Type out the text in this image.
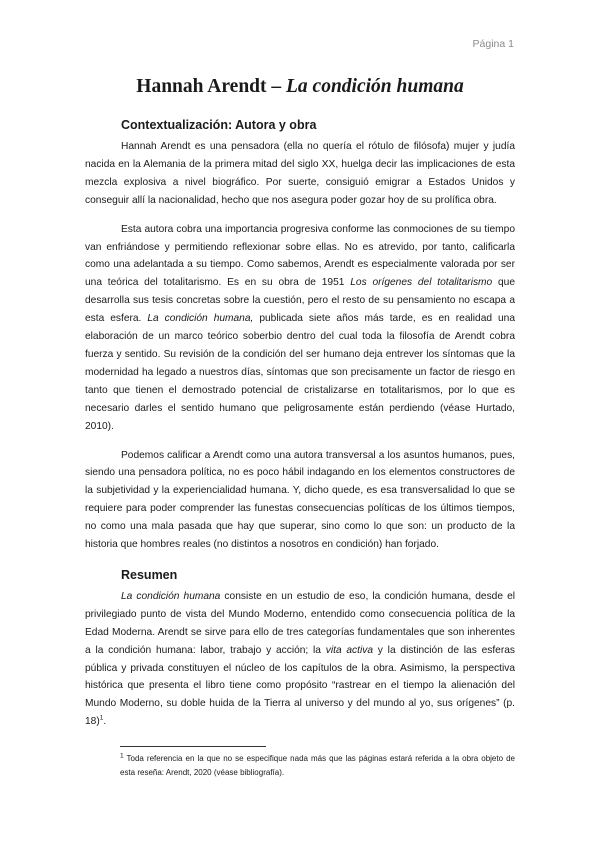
Página 1
Hannah Arendt – La condición humana
Contextualización: Autora y obra

Hannah Arendt es una pensadora (ella no quería el rótulo de filósofa) mujer y judía nacida en la Alemania de la primera mitad del siglo XX, huelga decir las implicaciones de esta mezcla explosiva a nivel biográfico. Por suerte, consiguió emigrar a Estados Unidos y conseguir allí la nacionalidad, hecho que nos asegura poder gozar hoy de su prolífica obra.

Esta autora cobra una importancia progresiva conforme las conmociones de su tiempo van enfriándose y permitiendo reflexionar sobre ellas. No es atrevido, por tanto, calificarla como una adelantada a su tiempo. Como sabemos, Arendt es especialmente valorada por ser una teórica del totalitarismo. Es en su obra de 1951 Los orígenes del totalitarismo que desarrolla sus tesis concretas sobre la cuestión, pero el resto de su pensamiento no escapa a esta esfera. La condición humana, publicada siete años más tarde, es en realidad una elaboración de un marco teórico soberbio dentro del cual toda la filosofía de Arendt cobra fuerza y sentido. Su revisión de la condición del ser humano deja entrever los síntomas que la modernidad ha legado a nuestros días, síntomas que son precisamente un factor de riesgo en tanto que tienen el demostrado potencial de cristalizarse en totalitarismos, por lo que es necesario darles el sentido humano que peligrosamente están perdiendo (véase Hurtado, 2010).

Podemos calificar a Arendt como una autora transversal a los asuntos humanos, pues, siendo una pensadora política, no es poco hábil indagando en los elementos constructores de la subjetividad y la experiencialidad humana. Y, dicho quede, es esa transversalidad lo que se requiere para poder comprender las funestas consecuencias políticas de los últimos tiempos, no como una mala pasada que hay que superar, sino como lo que son: un producto de la historia que hombres reales (no distintos a nosotros en condición) han forjado.

Resumen

La condición humana consiste en un estudio de eso, la condición humana, desde el privilegiado punto de vista del Mundo Moderno, entendido como consecuencia política de la Edad Moderna. Arendt se sirve para ello de tres categorías fundamentales que son inherentes a la condición humana: labor, trabajo y acción; la vita activa y la distinción de las esferas pública y privada constituyen el núcleo de los capítulos de la obra. Asimismo, la perspectiva histórica que presenta el libro tiene como propósito “rastrear en el tiempo la alienación del Mundo Moderno, su doble huida de la Tierra al universo y del mundo al yo, sus orígenes” (p. 18)$^1$.

$^1$ Toda referencia en la que no se especifique nada más que las páginas estará referida a la obra objeto de esta reseña: Arendt, 2020 (véase bibliografía).
